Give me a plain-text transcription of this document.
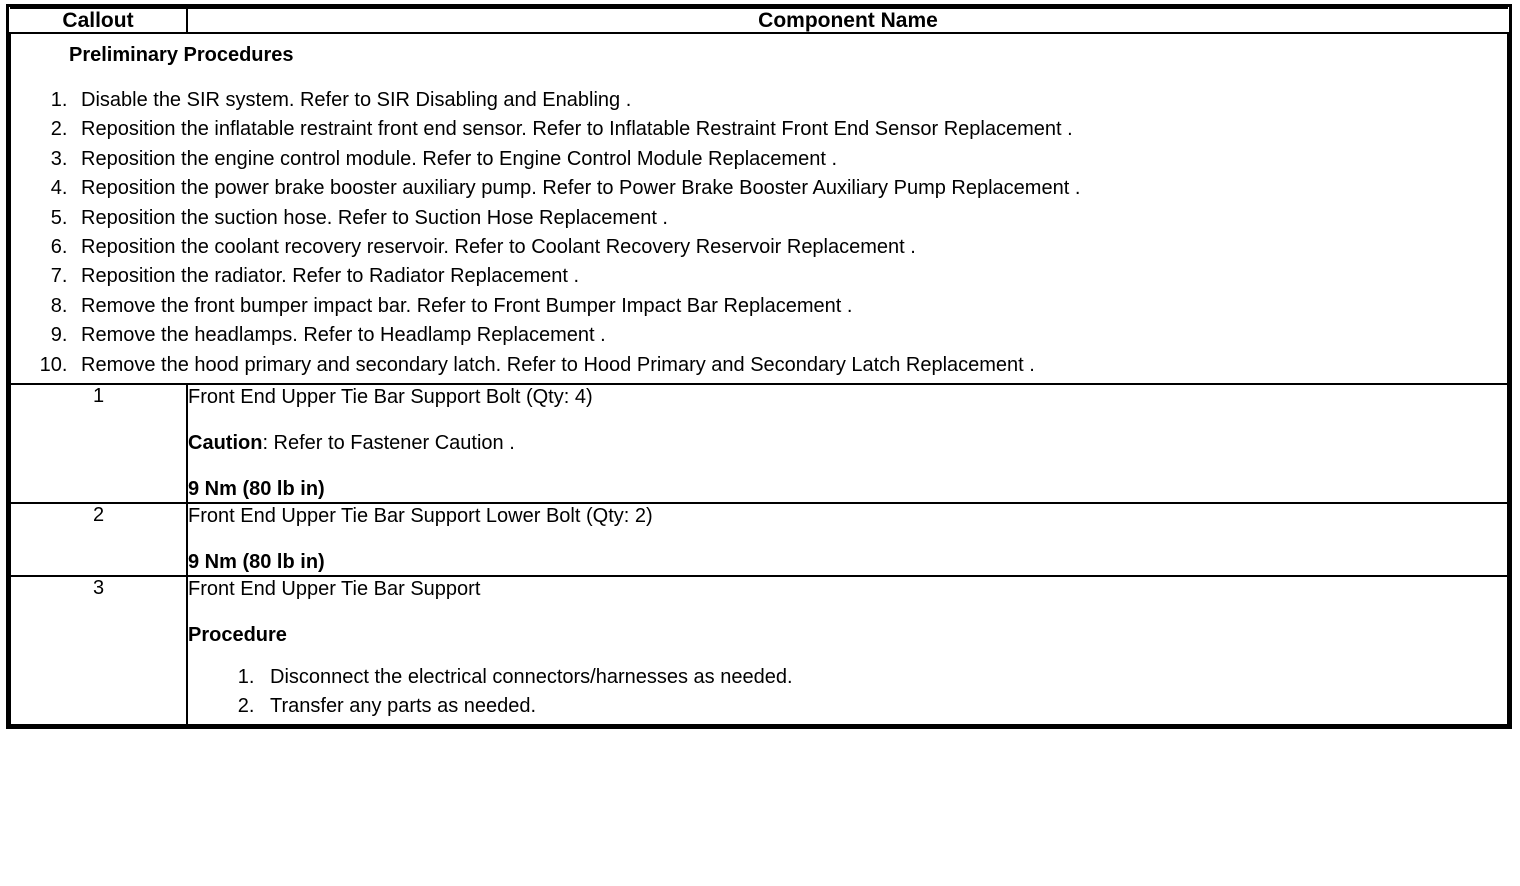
Callout	Component Name

Preliminary Procedures
1. Disable the SIR system. Refer to SIR Disabling and Enabling .
2. Reposition the inflatable restraint front end sensor. Refer to Inflatable Restraint Front End Sensor Replacement .
3. Reposition the engine control module. Refer to Engine Control Module Replacement .
4. Reposition the power brake booster auxiliary pump. Refer to Power Brake Booster Auxiliary Pump Replacement .
5. Reposition the suction hose. Refer to Suction Hose Replacement .
6. Reposition the coolant recovery reservoir. Refer to Coolant Recovery Reservoir Replacement .
7. Reposition the radiator. Refer to Radiator Replacement .
8. Remove the front bumper impact bar. Refer to Front Bumper Impact Bar Replacement .
9. Remove the headlamps. Refer to Headlamp Replacement .
10. Remove the hood primary and secondary latch. Refer to Hood Primary and Secondary Latch Replacement .

1	Front End Upper Tie Bar Support Bolt (Qty: 4)

Caution: Refer to Fastener Caution .

9 Nm (80 lb in)

2	Front End Upper Tie Bar Support Lower Bolt (Qty: 2)

9 Nm (80 lb in)

3	Front End Upper Tie Bar Support

Procedure

1. Disconnect the electrical connectors/harnesses as needed.
2. Transfer any parts as needed.
